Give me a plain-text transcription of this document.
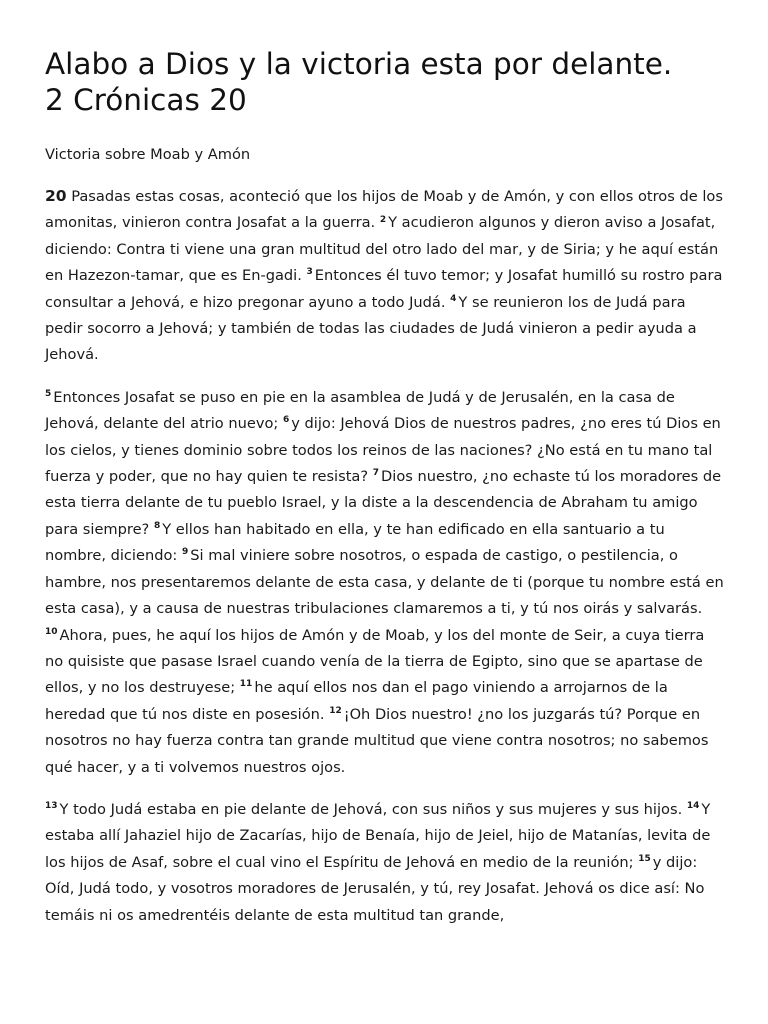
Alabo a Dios y la victoria esta por delante.
2 Crónicas 20

Victoria sobre Moab y Amón

20 Pasadas estas cosas, aconteció que los hijos de Moab y de Amón, y con ellos otros de los amonitas, vinieron contra Josafat a la guerra. $^2$ Y acudieron algunos y dieron aviso a Josafat, diciendo: Contra ti viene una gran multitud del otro lado del mar, y de Siria; y he aquí están en Hazezon-tamar, que es En-gadi. $^3$ Entonces él tuvo temor; y Josafat humilló su rostro para consultar a Jehová, e hizo pregonar ayuno a todo Judá. $^4$ Y se reunieron los de Judá para pedir socorro a Jehová; y también de todas las ciudades de Judá vinieron a pedir ayuda a Jehová.

$^5$ Entonces Josafat se puso en pie en la asamblea de Judá y de Jerusalén, en la casa de Jehová, delante del atrio nuevo; $^6$ y dijo: Jehová Dios de nuestros padres, ¿no eres tú Dios en los cielos, y tienes dominio sobre todos los reinos de las naciones? ¿No está en tu mano tal fuerza y poder, que no hay quien te resista? $^7$ Dios nuestro, ¿no echaste tú los moradores de esta tierra delante de tu pueblo Israel, y la diste a la descendencia de Abraham tu amigo para siempre? $^8$ Y ellos han habitado en ella, y te han edificado en ella santuario a tu nombre, diciendo: $^9$ Si mal viniere sobre nosotros, o espada de castigo, o pestilencia, o hambre, nos presentaremos delante de esta casa, y delante de ti (porque tu nombre está en esta casa), y a causa de nuestras tribulaciones clamaremos a ti, y tú nos oirás y salvarás. $^{10}$ Ahora, pues, he aquí los hijos de Amón y de Moab, y los del monte de Seir, a cuya tierra no quisiste que pasase Israel cuando venía de la tierra de Egipto, sino que se apartase de ellos, y no los destruyese; $^{11}$ he aquí ellos nos dan el pago viniendo a arrojarnos de la heredad que tú nos diste en posesión. $^{12}$ ¡Oh Dios nuestro! ¿no los juzgarás tú? Porque en nosotros no hay fuerza contra tan grande multitud que viene contra nosotros; no sabemos qué hacer, y a ti volvemos nuestros ojos.

$^{13}$ Y todo Judá estaba en pie delante de Jehová, con sus niños y sus mujeres y sus hijos. $^{14}$ Y estaba allí Jahaziel hijo de Zacarías, hijo de Benaía, hijo de Jeiel, hijo de Matanías, levita de los hijos de Asaf, sobre el cual vino el Espíritu de Jehová en medio de la reunión; $^{15}$ y dijo: Oíd, Judá todo, y vosotros moradores de Jerusalén, y tú, rey Josafat. Jehová os dice así: No temáis ni os amedrentéis delante de esta multitud tan grande,
